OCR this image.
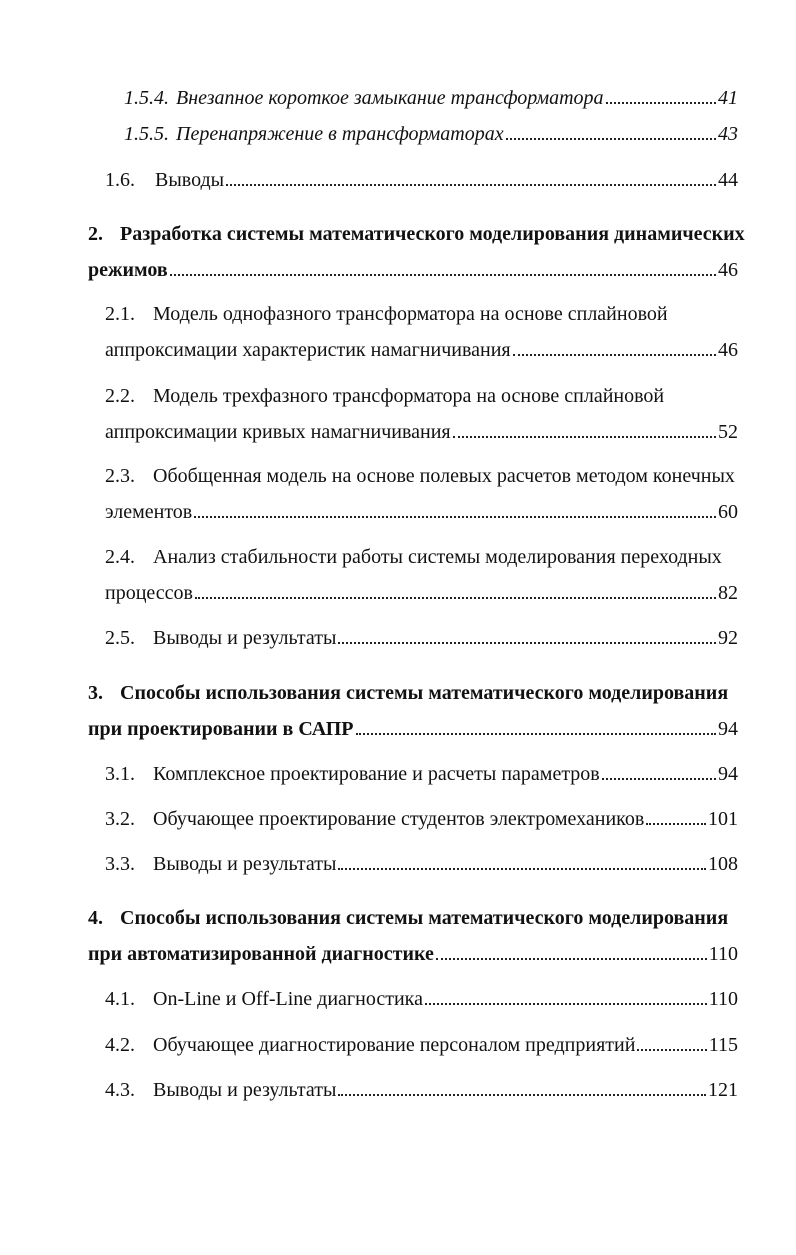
1.5.4. Внезапное короткое замыкание трансформатора	41
1.5.5. Перенапряжение в трансформаторах	43
1.6.	Выводы	44
2. Разработка системы математического моделирования динамических
режимов	46
2.1. Модель однофазного трансформатора на основе сплайновой
аппроксимации характеристик намагничивания	46
2.2. Модель трехфазного трансформатора на основе сплайновой
аппроксимации кривых намагничивания	52
2.3. Обобщенная модель на основе полевых расчетов методом конечных
элементов	60
2.4. Анализ стабильности работы системы моделирования переходных
процессов	82
2.5. Выводы и результаты	92
3. Способы использования системы математического моделирования
при проектировании в САПР	94
3.1. Комплексное проектирование и расчеты параметров	94
3.2. Обучающее проектирование студентов электромехаников	101
3.3. Выводы и результаты	108
4. Способы использования системы математического моделирования
при автоматизированной диагностике	110
4.1. On-Line и Off-Line диагностика	110
4.2. Обучающее диагностирование персоналом предприятий	115
4.3. Выводы и результаты	121
